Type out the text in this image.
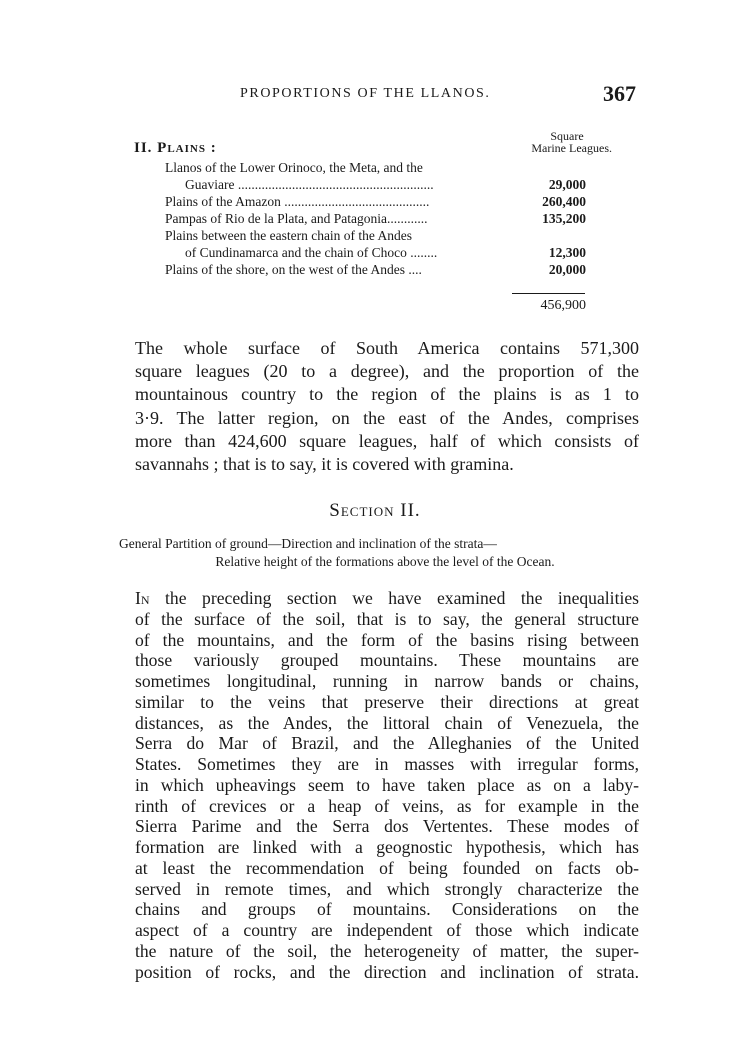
PROPORTIONS OF THE LLANOS.	367
II. Plains :
Square
Marine Leagues.
Llanos of the Lower Orinoco, the Meta, and the
Guaviare ..........................................................	29,000
Plains of the Amazon ...........................................	260,400
Pampas of Rio de la Plata, and Patagonia............	135,200
Plains between the eastern chain of the Andes
of Cundinamarca and the chain of Choco ........	12,300
Plains of the shore, on the west of the Andes ....	20,000
456,900
The whole surface of South America contains 571,300
square leagues (20 to a degree), and the proportion of the
mountainous country to the region of the plains is as 1 to
3·9. The latter region, on the east of the Andes, comprises
more than 424,600 square leagues, half of which consists of
savannahs ; that is to say, it is covered with gramina.
Section II.
General Partition of ground—Direction and inclination of the strata—
Relative height of the formations above the level of the Ocean.
In the preceding section we have examined the inequalities
of the surface of the soil, that is to say, the general structure
of the mountains, and the form of the basins rising between
those variously grouped mountains. These mountains are
sometimes longitudinal, running in narrow bands or chains,
similar to the veins that preserve their directions at great
distances, as the Andes, the littoral chain of Venezuela, the
Serra do Mar of Brazil, and the Alleghanies of the United
States. Sometimes they are in masses with irregular forms,
in which upheavings seem to have taken place as on a laby-
rinth of crevices or a heap of veins, as for example in the
Sierra Parime and the Serra dos Vertentes. These modes of
formation are linked with a geognostic hypothesis, which has
at least the recommendation of being founded on facts ob-
served in remote times, and which strongly characterize the
chains and groups of mountains. Considerations on the
aspect of a country are independent of those which indicate
the nature of the soil, the heterogeneity of matter, the super-
position of rocks, and the direction and inclination of strata.
